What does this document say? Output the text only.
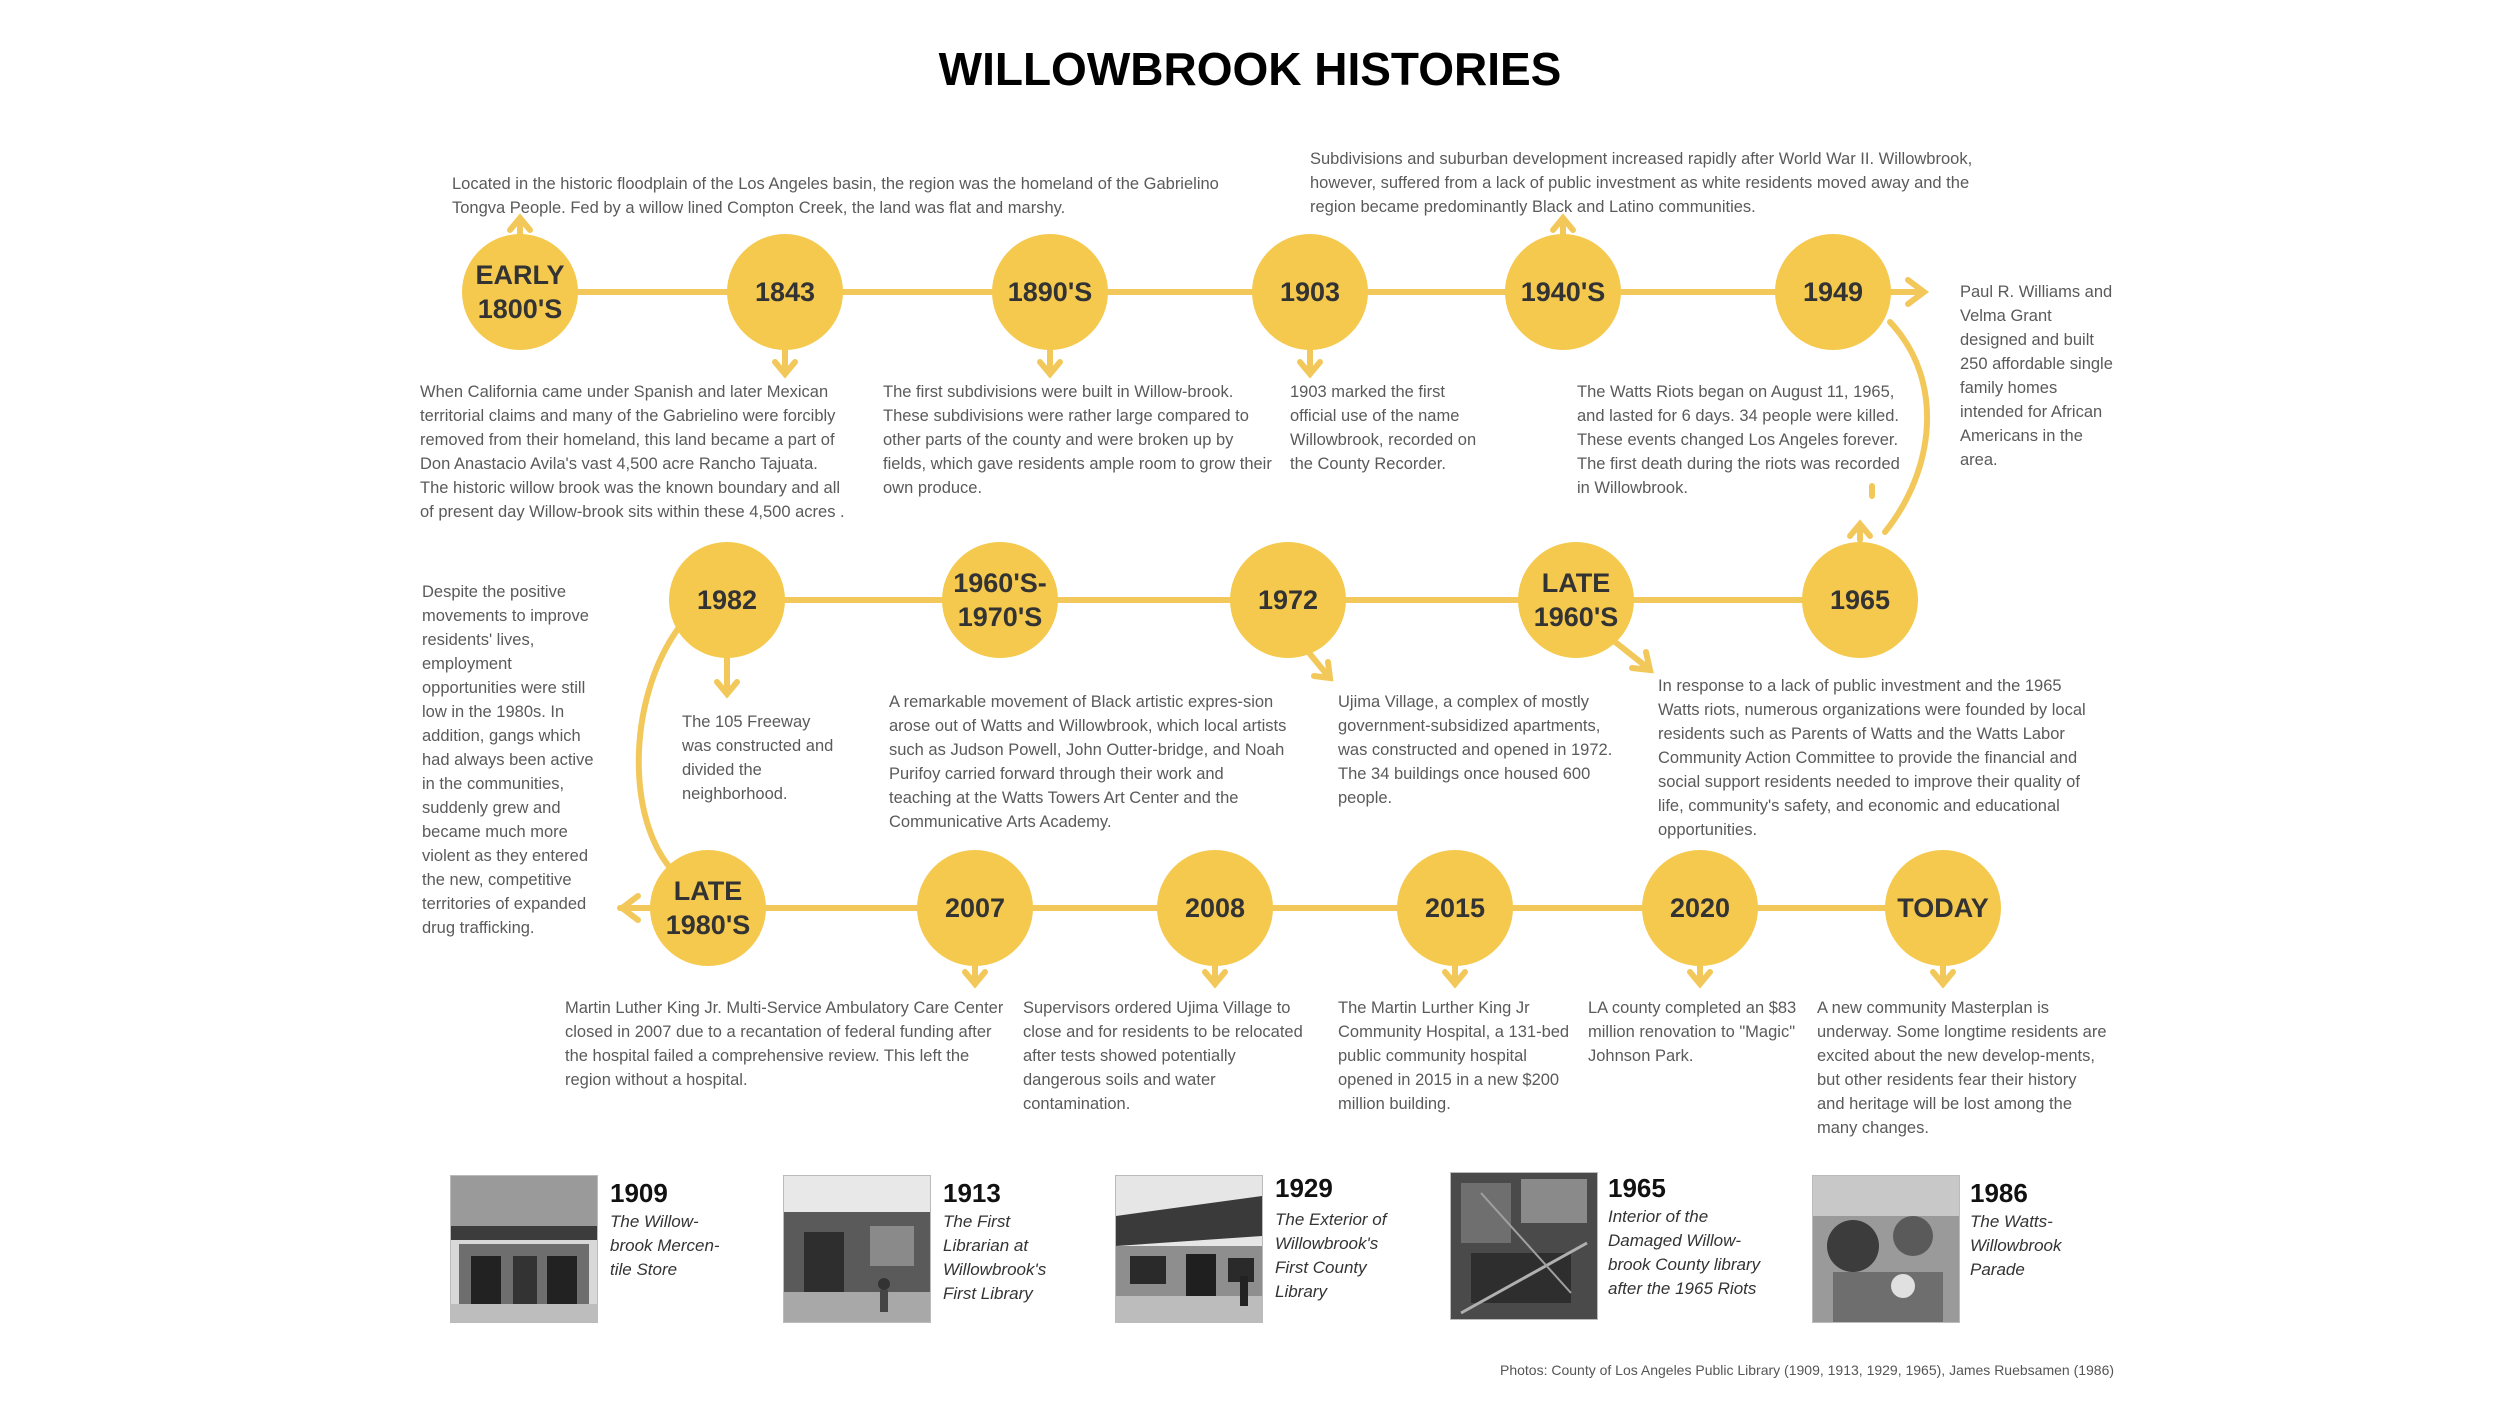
WILLOWBROOK HISTORIES
EARLY
1800'S
1843	1890'S	1903	1940'S	1949
1965
LATE
1960'S
1972
1960'S-
1970'S
1982
LATE
1980'S
2007	2008	2015	2020	TODAY
Located in the historic floodplain of the Los Angeles basin, the region was the homeland of the Gabrielino Tongva People. Fed by a willow lined Compton Creek, the land was flat and marshy.
When California came under Spanish and later Mexican territorial claims and many of the Gabrielino were forcibly removed from their homeland, this land became a part of Don Anastacio Avila's vast 4,500 acre Rancho Tajuata. The historic willow brook was the known boundary and all of present day Willow-brook sits within these 4,500 acres .
The first subdivisions were built in Willow-brook. These subdivisions were rather large compared to other parts of the county and were broken up by fields, which gave residents ample room to grow their own produce.
1903 marked the first official use of the name Willowbrook, recorded on the County Recorder.
Subdivisions and suburban development increased rapidly after World War II. Willowbrook, however, suffered from a lack of public investment as white residents moved away and the region became predominantly Black and Latino communities.
Paul R. Williams and Velma Grant designed and built 250 affordable single family homes intended for African Americans in the area.
The Watts Riots began on August 11, 1965, and lasted for 6 days. 34 people were killed. These events changed Los Angeles forever. The first death during the riots was recorded in Willowbrook.
In response to a lack of public investment and the 1965 Watts riots, numerous organizations were founded by local residents such as Parents of Watts and the Watts Labor Community Action Committee to provide the financial and social support residents needed to improve their quality of life, community's safety, and economic and educational opportunities.
Ujima Village, a complex of mostly government-subsidized apartments, was constructed and opened in 1972. The 34 buildings once housed 600 people.
A remarkable movement of Black artistic expres-sion arose out of Watts and Willowbrook, which local artists such as Judson Powell, John Outter-bridge, and Noah Purifoy carried forward through their work and teaching at the Watts Towers Art Center and the Communicative Arts Academy.
The 105 Freeway was constructed and divided the neighborhood.
Despite the positive movements to improve residents' lives, employment opportunities were still low in the 1980s. In addition, gangs which had always been active in the communities, suddenly grew and became much more violent as they entered the new, competitive territories of expanded drug trafficking.
Martin Luther King Jr. Multi-Service Ambulatory Care Center closed in 2007 due to a recantation of federal funding after the hospital failed a comprehensive review. This left the region without a hospital.
Supervisors ordered Ujima Village to close and for residents to be relocated after tests showed potentially dangerous soils and water contamination.
The Martin Lurther King Jr Community Hospital, a 131-bed public community hospital opened in 2015 in a new $200 million building.
LA county completed an $83 million renovation to "Magic" Johnson Park.
A new community Masterplan is underway. Some longtime residents are excited about the new develop-ments, but other residents fear their history and heritage will be lost among the many changes.
1909
The Willow-brook Mercen-tile Store
1913
The First Librarian at Willowbrook's First Library
1929
The Exterior of Willowbrook's First County Library
1965
Interior of the Damaged Willow-brook County library after the 1965 Riots
1986
The Watts-Willowbrook Parade
Photos: County of Los Angeles Public Library (1909, 1913, 1929, 1965), James Ruebsamen (1986)
